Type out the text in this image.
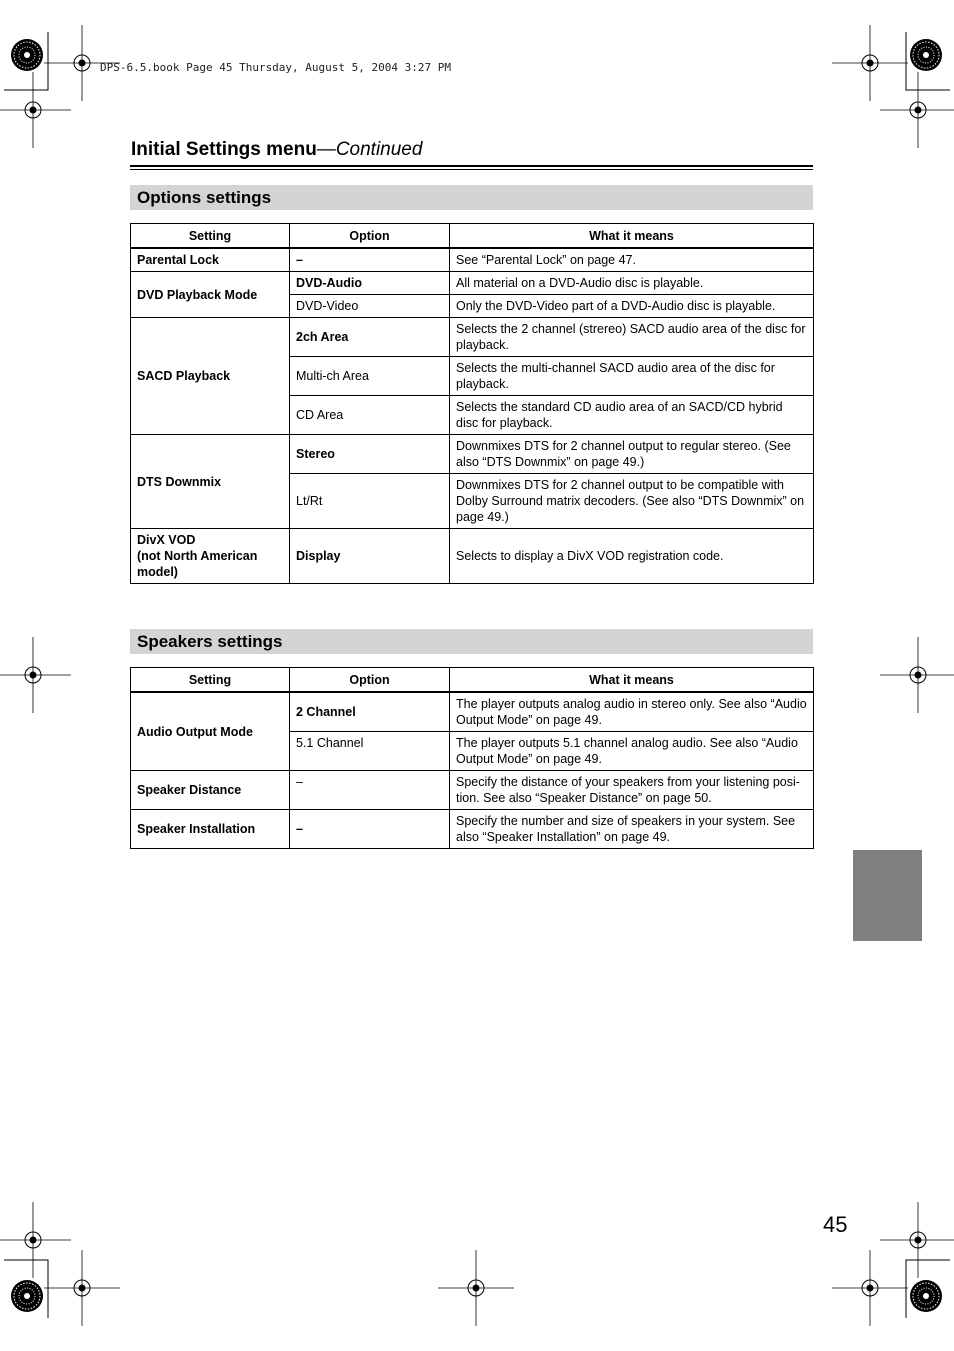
DPS-6.5.book Page 45 Thursday, August 5, 2004 3:27 PM
Initial Settings menu—Continued
Options settings
Setting	Option	What it means
Parental Lock	–	See “Parental Lock” on page 47.
DVD Playback Mode	DVD-Audio	All material on a DVD-Audio disc is playable.
	DVD-Video	Only the DVD-Video part of a DVD-Audio disc is playable.
SACD Playback	2ch Area	Selects the 2 channel (strereo) SACD audio area of the disc for playback.
	Multi-ch Area	Selects the multi-channel SACD audio area of the disc for playback.
	CD Area	Selects the standard CD audio area of an SACD/CD hybrid disc for playback.
DTS Downmix	Stereo	Downmixes DTS for 2 channel output to regular stereo. (See also “DTS Downmix” on page 49.)
	Lt/Rt	Downmixes DTS for 2 channel output to be compatible with Dolby Surround matrix decoders. (See also “DTS Downmix” on page 49.)
DivX VOD
(not North American model)	Display	Selects to display a DivX VOD registration code.
Speakers settings
Setting	Option	What it means
Audio Output Mode	2 Channel	The player outputs analog audio in stereo only. See also “Audio Output Mode” on page 49.
	5.1 Channel	The player outputs 5.1 channel analog audio. See also “Audio Output Mode” on page 49.
Speaker Distance	–	Specify the distance of your speakers from your listening posi-tion. See also “Speaker Distance” on page 50.
Speaker Installation	–	Specify the number and size of speakers in your system. See also “Speaker Installation” on page 49.
45
